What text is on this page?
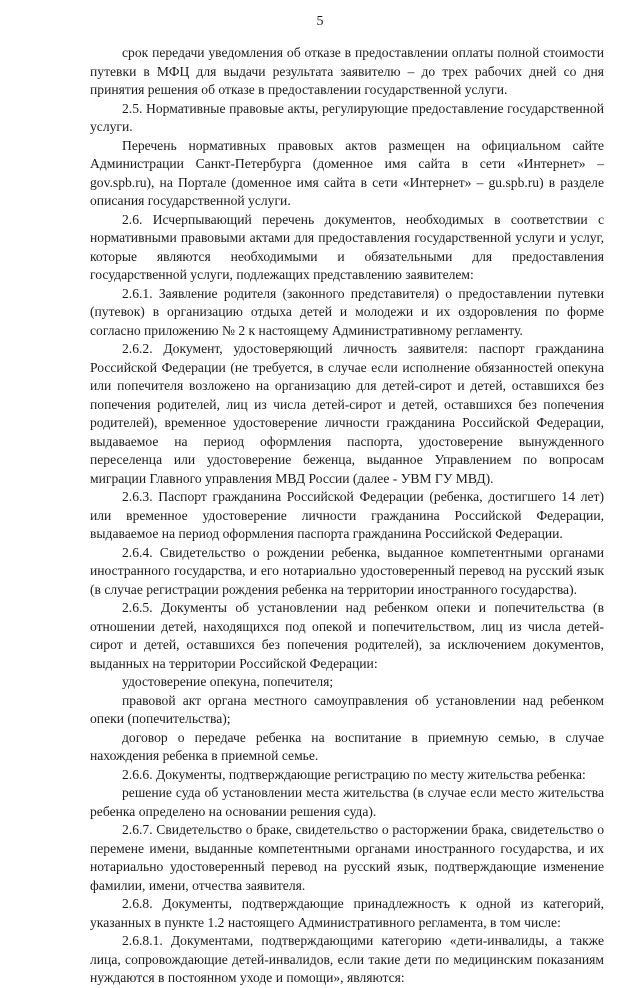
5

срок передачи уведомления об отказе в предоставлении оплаты полной стоимости путевки в МФЦ для выдачи результата заявителю – до трех рабочих дней со дня принятия решения об отказе в предоставлении государственной услуги.

2.5. Нормативные правовые акты, регулирующие предоставление государственной услуги.

Перечень нормативных правовых актов размещен на официальном сайте Администрации Санкт-Петербурга (доменное имя сайта в сети «Интернет» – gov.spb.ru), на Портале (доменное имя сайта в сети «Интернет» – gu.spb.ru) в разделе описания государственной услуги.

2.6. Исчерпывающий перечень документов, необходимых в соответствии с нормативными правовыми актами для предоставления государственной услуги и услуг, которые являются необходимыми и обязательными для предоставления государственной услуги, подлежащих представлению заявителем:

2.6.1. Заявление родителя (законного представителя) о предоставлении путевки (путевок) в организацию отдыха детей и молодежи и их оздоровления по форме согласно приложению № 2 к настоящему Административному регламенту.

2.6.2. Документ, удостоверяющий личность заявителя: паспорт гражданина Российской Федерации (не требуется, в случае если исполнение обязанностей опекуна или попечителя возложено на организацию для детей-сирот и детей, оставшихся без попечения родителей, лиц из числа детей-сирот и детей, оставшихся без попечения родителей), временное удостоверение личности гражданина Российской Федерации, выдаваемое на период оформления паспорта, удостоверение вынужденного переселенца или удостоверение беженца, выданное Управлением по вопросам миграции Главного управления МВД России (далее - УВМ ГУ МВД).

2.6.3. Паспорт гражданина Российской Федерации (ребенка, достигшего 14 лет) или временное удостоверение личности гражданина Российской Федерации, выдаваемое на период оформления паспорта гражданина Российской Федерации.

2.6.4. Свидетельство о рождении ребенка, выданное компетентными органами иностранного государства, и его нотариально удостоверенный перевод на русский язык (в случае регистрации рождения ребенка на территории иностранного государства).

2.6.5. Документы об установлении над ребенком опеки и попечительства (в отношении детей, находящихся под опекой и попечительством, лиц из числа детей-сирот и детей, оставшихся без попечения родителей), за исключением документов, выданных на территории Российской Федерации:

удостоверение опекуна, попечителя;

правовой акт органа местного самоуправления об установлении над ребенком опеки (попечительства);

договор о передаче ребенка на воспитание в приемную семью, в случае нахождения ребенка в приемной семье.

2.6.6. Документы, подтверждающие регистрацию по месту жительства ребенка:

решение суда об установлении места жительства (в случае если место жительства ребенка определено на основании решения суда).

2.6.7. Свидетельство о браке, свидетельство о расторжении брака, свидетельство о перемене имени, выданные компетентными органами иностранного государства, и их нотариально удостоверенный перевод на русский язык, подтверждающие изменение фамилии, имени, отчества заявителя.

2.6.8. Документы, подтверждающие принадлежность к одной из категорий, указанных в пункте 1.2 настоящего Административного регламента, в том числе:

2.6.8.1. Документами, подтверждающими категорию «дети-инвалиды, а также лица, сопровождающие детей-инвалидов, если такие дети по медицинским показаниям нуждаются в постоянном уходе и помощи», являются:
